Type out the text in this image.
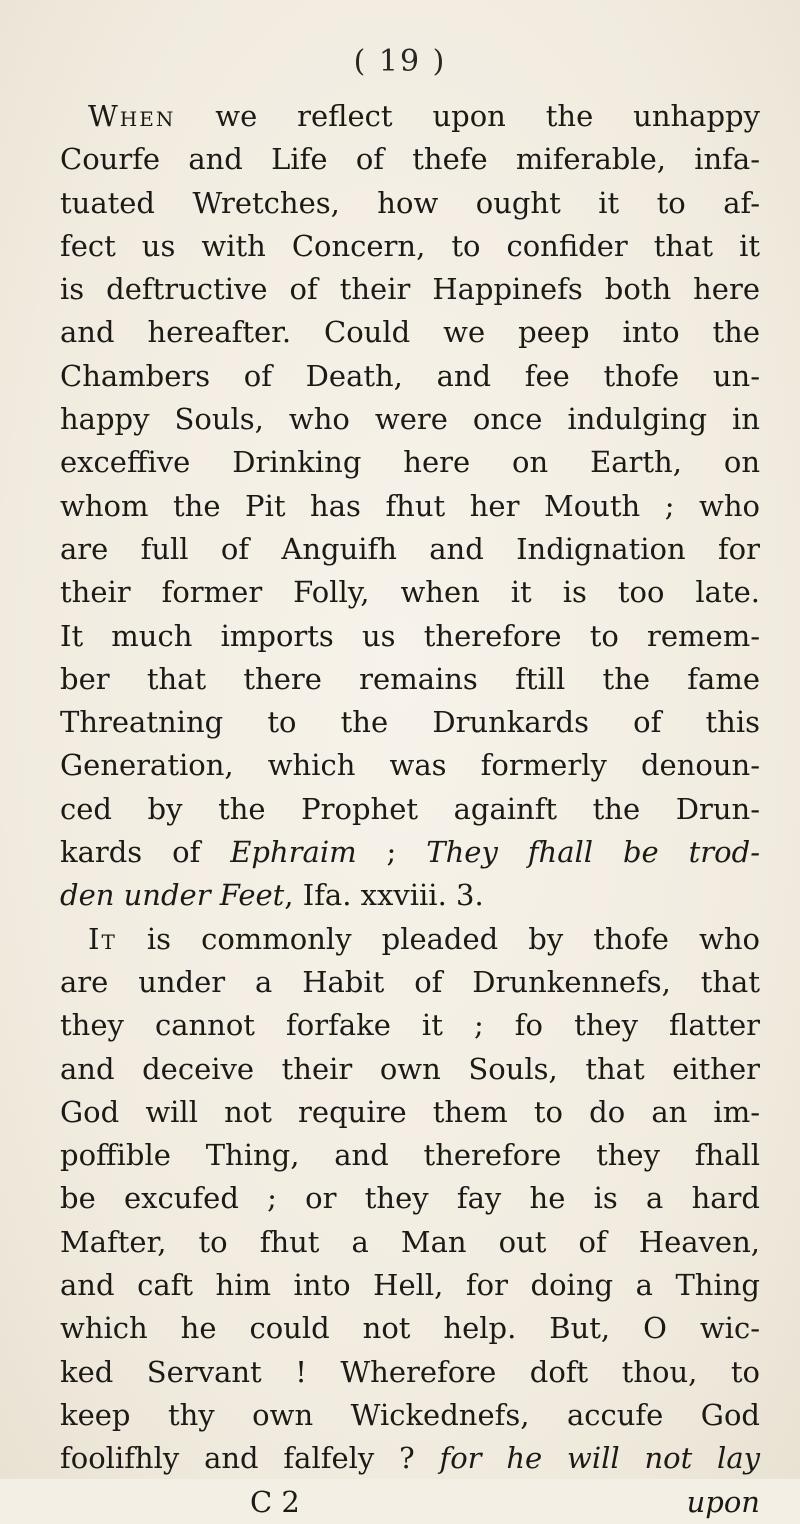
( 19 )
When we reflect upon the unhappy
Courfe and Life of thefe miferable, infa-
tuated Wretches, how ought it to af-
fect us with Concern, to confider that it
is deftructive of their Happinefs both here
and hereafter. Could we peep into the
Chambers of Death, and fee thofe un-
happy Souls, who were once indulging in
exceffive Drinking here on Earth, on
whom the Pit has fhut her Mouth ; who
are full of Anguifh and Indignation for
their former Folly, when it is too late.
It much imports us therefore to remem-
ber that there remains ftill the fame
Threatning to the Drunkards of this
Generation, which was formerly denoun-
ced by the Prophet againft the Drun-
kards of Ephraim ; They fhall be trod-
den under Feet, Ifa. xxviii. 3.
It is commonly pleaded by thofe who
are under a Habit of Drunkennefs, that
they cannot forfake it ; fo they flatter
and deceive their own Souls, that either
God will not require them to do an im-
poffible Thing, and therefore they fhall
be excufed ; or they fay he is a hard
Mafter, to fhut a Man out of Heaven,
and caft him into Hell, for doing a Thing
which he could not help. But, O wic-
ked Servant ! Wherefore doft thou, to
keep thy own Wickednefs, accufe God
foolifhly and falfely ? for he will not lay
C 2	upon
